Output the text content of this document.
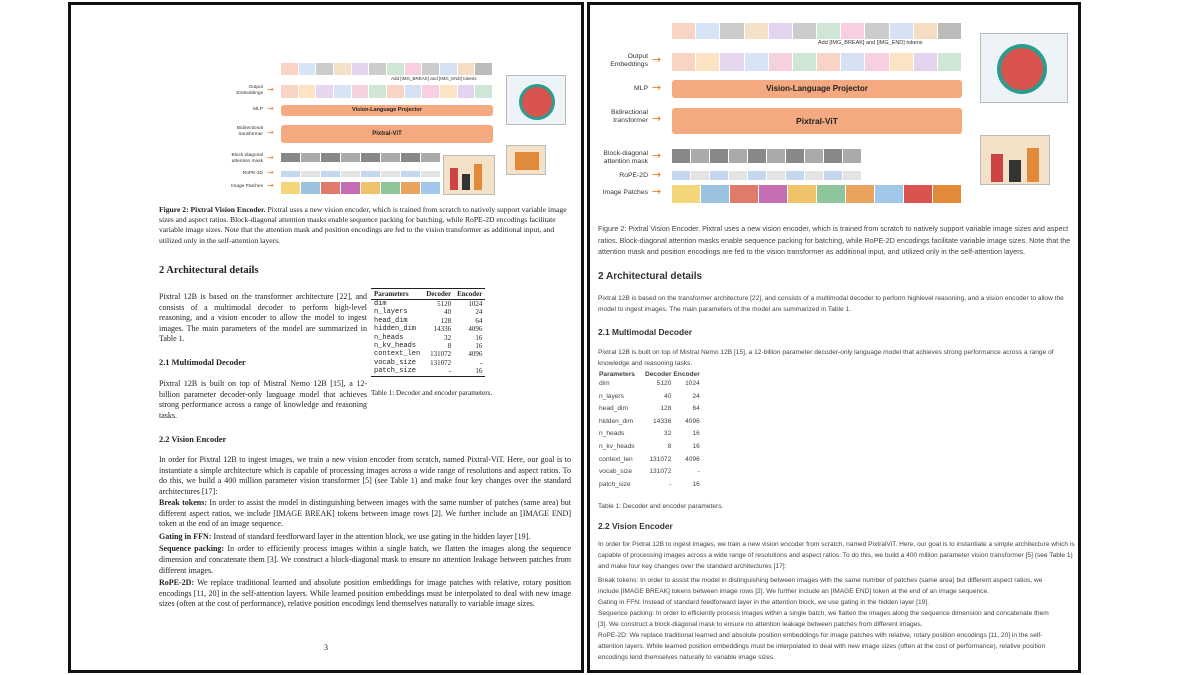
Add [IMG_BREAK] and [IMG_END] tokens
Output Embeddings →
Vision-Language Projector
MLP →
Pixtral-ViT
Bidirectional transformer →
Block-diagonal attention mask →
RoPE-2D →
Image Patches →

Figure 2: Pixtral Vision Encoder. Pixtral uses a new vision encoder, which is trained from scratch to natively support variable image sizes and aspect ratios. Block-diagonal attention masks enable sequence packing for batching, while RoPE-2D encodings facilitate variable image sizes. Note that the attention mask and position encodings are fed to the vision transformer as additional input, and utilized only in the self-attention layers.

2 Architectural details

Pixtral 12B is based on the transformer architecture [22], and consists of a multimodal decoder to perform high-level reasoning, and a vision encoder to allow the model to ingest images. The main parameters of the model are summarized in Table 1.

Parameters	Decoder	Encoder
dim	5120	1024
n_layers	40	24
head_dim	128	64
hidden_dim	14336	4096
n_heads	32	16
n_kv_heads	8	16
context_len	131072	4096
vocab_size	131072	-
patch_size	-	16
Table 1: Decoder and encoder parameters.
2.1 Multimodal Decoder

Pixtral 12B is built on top of Mistral Nemo 12B [15], a 12-billion parameter decoder-only language model that achieves strong performance across a range of knowledge and reasoning tasks.

2.2 Vision Encoder

In order for Pixtral 12B to ingest images, we train a new vision encoder from scratch, named Pixtral-ViT. Here, our goal is to instantiate a simple architecture which is capable of processing images across a wide range of resolutions and aspect ratios. To do this, we build a 400 million parameter vision transformer [5] (see Table 1) and make four key changes over the standard architectures [17]:

Break tokens: In order to assist the model in distinguishing between images with the same number of patches (same area) but different aspect ratios, we include [IMAGE BREAK] tokens between image rows [2]. We further include an [IMAGE END] token at the end of an image sequence.

Gating in FFN: Instead of standard feedforward layer in the attention block, we use gating in the hidden layer [19].

Sequence packing: In order to efficiently process images within a single batch, we flatten the images along the sequence dimension and concatenate them [3]. We construct a block-diagonal mask to ensure no attention leakage between patches from different images.

RoPE-2D: We replace traditional learned and absolute position embeddings for image patches with relative, rotary position encodings [11, 20] in the self-attention layers. While learned position embeddings must be interpolated to deal with new image sizes (often at the cost of performance), relative position encodings lend themselves naturally to variable image sizes.

3
Add [IMG_BREAK] and [IMG_END] tokens
Output Embeddings →
Vision-Language Projector
MLP →
Pixtral-ViT
Bidirectional transformer →
Block-diagonal attention mask →
RoPE-2D →
Image Patches →

Figure 2: Pixtral Vision Encoder. Pixtral uses a new vision encoder, which is trained from scratch to natively support variable image sizes and aspect ratios. Block-diagonal attention masks enable sequence packing for batching, while RoPE-2D encodings facilitate variable image sizes. Note that the attention mask and position encodings are fed to the vision transformer as additional input, and utilized only in the self-attention layers.

2 Architectural details

Pixtral 12B is based on the transformer architecture [22], and consists of a multimodal decoder to perform highlevel reasoning, and a vision encoder to allow the model to ingest images. The main parameters of the model are summarized in Table 1.

2.1 Multimodal Decoder

Pixtral 12B is built on top of Mistral Nemo 12B [15], a 12-billion parameter decoder-only language model that achieves strong performance across a range of knowledge and reasoning tasks.

Parameters	Decoder	Encoder
dim	5120	1024
n_layers	40	24
head_dim	128	64
hidden_dim	14336	4096
n_heads	32	16
n_kv_heads	8	16
context_len	131072	4096
vocab_size	131072	-
patch_size	-	16
Table 1: Decoder and encoder parameters.
2.2 Vision Encoder

In order for Pixtral 12B to ingest images, we train a new vision encoder from scratch, named PixtralViT. Here, our goal is to instantiate a simple architecture which is capable of processing images across a wide range of resolutions and aspect ratios. To do this, we build a 400 million parameter vision transformer [5] (see Table 1) and make four key changes over the standard architectures [17]:

Break tokens: In order to assist the model in distinguishing between images with the same number of patches (same area) but different aspect ratios, we
include [IMAGE BREAK] tokens between image rows [2]. We further include an [IMAGE END] token at the end of an image sequence.
Gating in FFN: Instead of standard feedforward layer in the attention block, we use gating in the hidden layer [19].
Sequence packing: In order to efficiently process images within a single batch, we flatten the images along the sequence dimension and concatenate them
[3]. We construct a block-diagonal mask to ensure no attention leakage between patches from different images.
RoPE-2D: We replace traditional learned and absolute position embeddings for image patches with relative, rotary position encodings [11, 20] in the self-
attention layers. While learned position embeddings must be interpolated to deal with new image sizes (often at the cost of performance), relative position
encodings lend themselves naturally to variable image sizes.
